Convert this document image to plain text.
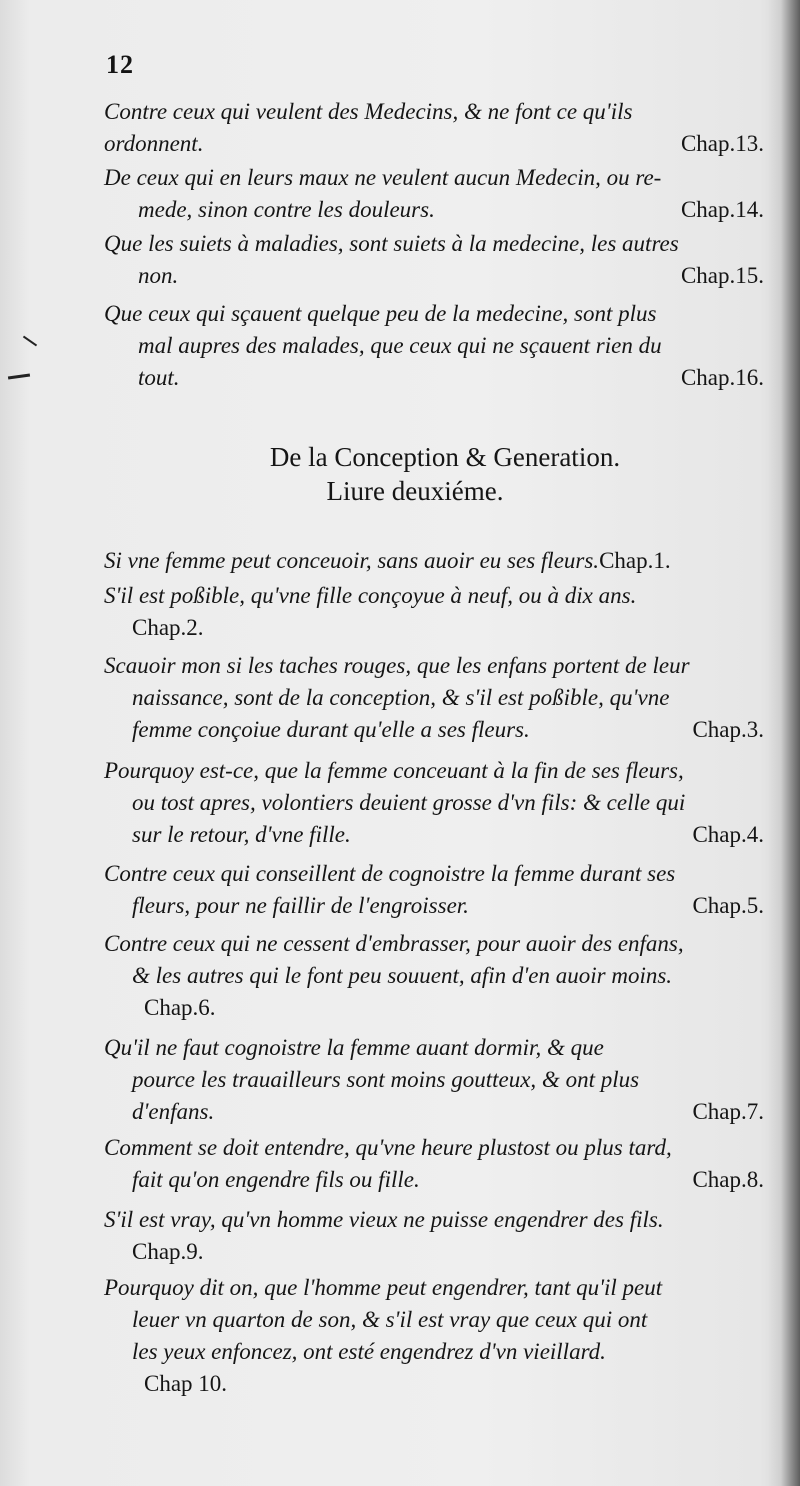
12
Contre ceux qui veulent des Medecins, & ne font ce qu'ils
ordonnent.	Chap.13.
De ceux qui en leurs maux ne veulent aucun Medecin, ou re-
mede, sinon contre les douleurs.	Chap.14.
Que les suiets à maladies, sont suiets à la medecine, les autres
non.	Chap.15.
Que ceux qui sçauent quelque peu de la medecine, sont plus
mal aupres des malades, que ceux qui ne sçauent rien du
tout.	Chap.16.
De la Conception & Generation.
Liure deuxiéme.
Si vne femme peut conceuoir, sans auoir eu ses fleurs.Chap.1.
S'il est poßible, qu'vne fille conçoyue à neuf, ou à dix ans.
Chap.2.
Scauoir mon si les taches rouges, que les enfans portent de leur
naissance, sont de la conception, & s'il est poßible, qu'vne
femme conçoiue durant qu'elle a ses fleurs.	Chap.3.
Pourquoy est-ce, que la femme conceuant à la fin de ses fleurs,
ou tost apres, volontiers deuient grosse d'vn fils: & celle qui
sur le retour, d'vne fille.	Chap.4.
Contre ceux qui conseillent de cognoistre la femme durant ses
fleurs, pour ne faillir de l'engroisser.	Chap.5.
Contre ceux qui ne cessent d'embrasser, pour auoir des enfans,
& les autres qui le font peu souuent, afin d'en auoir moins.
Chap.6.
Qu'il ne faut cognoistre la femme auant dormir, & que
pource les trauailleurs sont moins goutteux, & ont plus
d'enfans.	Chap.7.
Comment se doit entendre, qu'vne heure plustost ou plus tard,
fait qu'on engendre fils ou fille.	Chap.8.
S'il est vray, qu'vn homme vieux ne puisse engendrer des fils.
Chap.9.
Pourquoy dit on, que l'homme peut engendrer, tant qu'il peut
leuer vn quarton de son, & s'il est vray que ceux qui ont
les yeux enfoncez, ont esté engendrez d'vn vieillard.
Chap 10.
